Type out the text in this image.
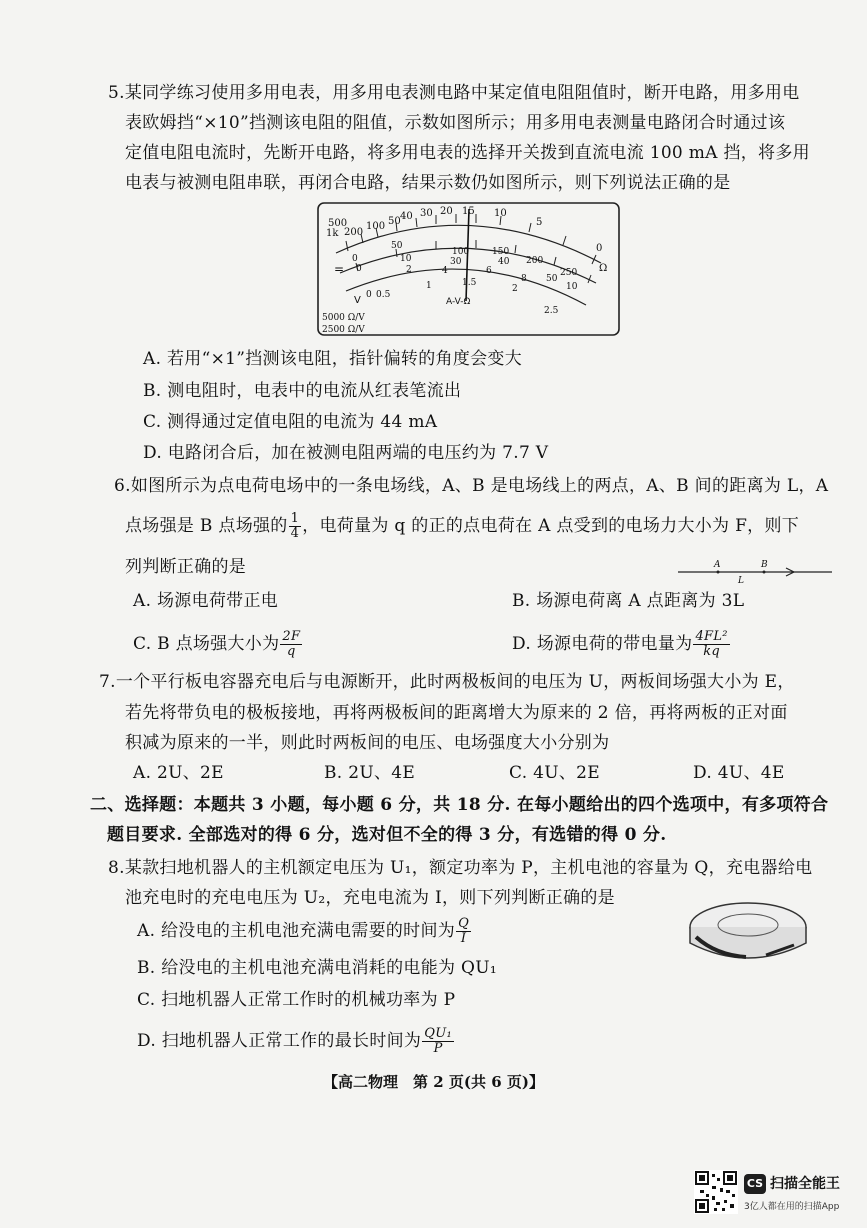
5.某同学练习使用多用电表，用多用电表测电路中某定值电阻阻值时，断开电路，用多用电
表欧姆挡“×10”挡测该电阻的阻值，示数如图所示；用多用电表测量电路闭合时通过该
定值电阻电流时，先断开电路，将多用电表的选择开关拨到直流电流 100 mA 挡，将多用
电表与被测电阻串联，再闭合电路，结果示数仍如图所示，则下列说法正确的是
500
1k 200
100 50 40 30 20 15 10
5
0
Ω
0
50
100	150
200
250
0
10	30	40
50
2	4	6
8
10
0 0.5
1	1.5
2
2.5
=
V	A-V-Ω
5000 Ω/V
2500 Ω/V
A. 若用“×1”挡测该电阻，指针偏转的角度会变大
B. 测电阻时，电表中的电流从红表笔流出
C. 测得通过定值电阻的电流为 44 mA
D. 电路闭合后，加在被测电阻两端的电压约为 7.7 V
6.如图所示为点电荷电场中的一条电场线，A、B 是电场线上的两点，A、B 间的距离为 L，A
点场强是 B 点场强的 $\frac{1}{4}$ ，电荷量为 q 的正的点电荷在 A 点受到的电场力大小为 F，则下
列判断正确的是	A	B
L
A. 场源电荷带正电	B. 场源电荷离 A 点距离为 3L
C. B 点场强大小为 $\frac{2F}{q}$	D. 场源电荷的带电量为 $\frac{\text{4FL²}}{kq}$
7.一个平行板电容器充电后与电源断开，此时两极板间的电压为 U，两板间场强大小为 E，
若先将带负电的极板接地，再将两极板间的距离增大为原来的 2 倍，再将两板的正对面
积减为原来的一半，则此时两板间的电压、电场强度大小分别为
A. 2U、2E	B. 2U、4E	C. 4U、2E	D. 4U、4E
二、选择题：本题共 3 小题，每小题 6 分，共 18 分. 在每小题给出的四个选项中，有多项符合
题目要求. 全部选对的得 6 分，选对但不全的得 3 分，有选错的得 0 分.
8.某款扫地机器人的主机额定电压为 U₁，额定功率为 P，主机电池的容量为 Q，充电器给电
池充电时的充电电压为 U₂，充电电流为 I，则下列判断正确的是
A. 给没电的主机电池充满电需要的时间为 $\frac{Q}{I}$
B. 给没电的主机电池充满电消耗的电能为 QU₁
C. 扫地机器人正常工作时的机械功率为 P
D. 扫地机器人正常工作的最长时间为 $\frac{\text{QU₁}}{P}$
【高二物理　第 2 页(共 6 页)】
CS 扫描全能王
3亿人都在用的扫描App
